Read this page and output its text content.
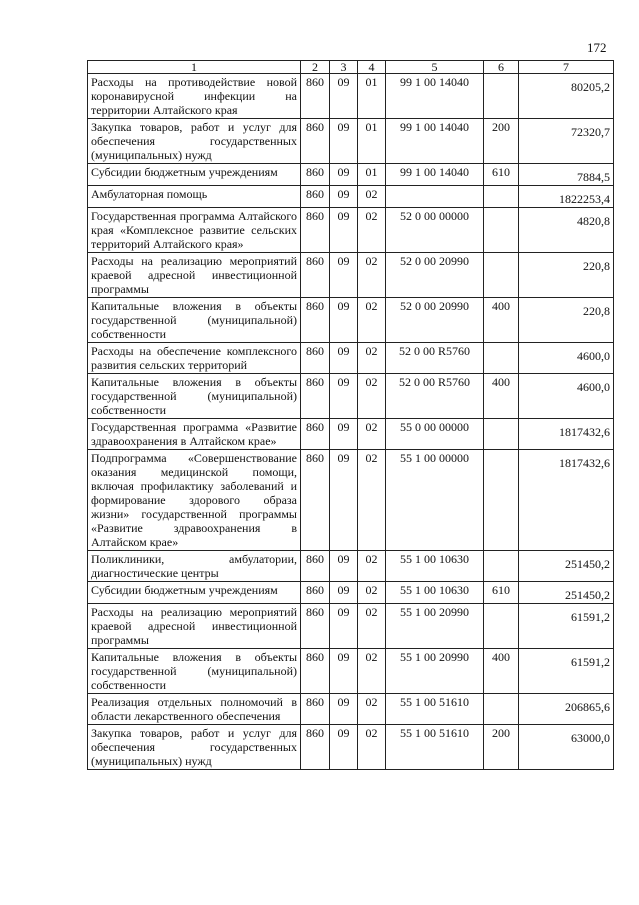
172
1	2	3	4	5	6	7
Расходы на противодействие новой коронавирусной инфекции на территории Алтайского края	860	09	01	99 1 00 14040		80205,2
Закупка товаров, работ и услуг для обеспечения государственных (муниципальных) нужд	860	09	01	99 1 00 14040	200	72320,7
Субсидии бюджетным учреждениям	860	09	01	99 1 00 14040	610	7884,5
Амбулаторная помощь	860	09	02			1822253,4
Государственная программа Алтайского края «Комплексное развитие сельских территорий Алтайского края»	860	09	02	52 0 00 00000		4820,8
Расходы на реализацию мероприятий краевой адресной инвестиционной программы	860	09	02	52 0 00 20990		220,8
Капитальные вложения в объекты государственной (муниципальной) собственности	860	09	02	52 0 00 20990	400	220,8
Расходы на обеспечение комплексного развития сельских территорий	860	09	02	52 0 00 R5760		4600,0
Капитальные вложения в объекты государственной (муниципальной) собственности	860	09	02	52 0 00 R5760	400	4600,0
Государственная программа «Развитие здравоохранения в Алтайском крае»	860	09	02	55 0 00 00000		1817432,6
Подпрограмма «Совершенствование оказания медицинской помощи, включая профилактику заболеваний и формирование здорового образа жизни» государственной программы «Развитие здравоохранения в Алтайском крае»	860	09	02	55 1 00 00000		1817432,6
Поликлиники, амбулатории, диагностические центры	860	09	02	55 1 00 10630		251450,2
Субсидии бюджетным учреждениям	860	09	02	55 1 00 10630	610	251450,2
Расходы на реализацию мероприятий краевой адресной инвестиционной программы	860	09	02	55 1 00 20990		61591,2
Капитальные вложения в объекты государственной (муниципальной) собственности	860	09	02	55 1 00 20990	400	61591,2
Реализация отдельных полномочий в области лекарственного обеспечения	860	09	02	55 1 00 51610		206865,6
Закупка товаров, работ и услуг для обеспечения государственных (муниципальных) нужд	860	09	02	55 1 00 51610	200	63000,0
